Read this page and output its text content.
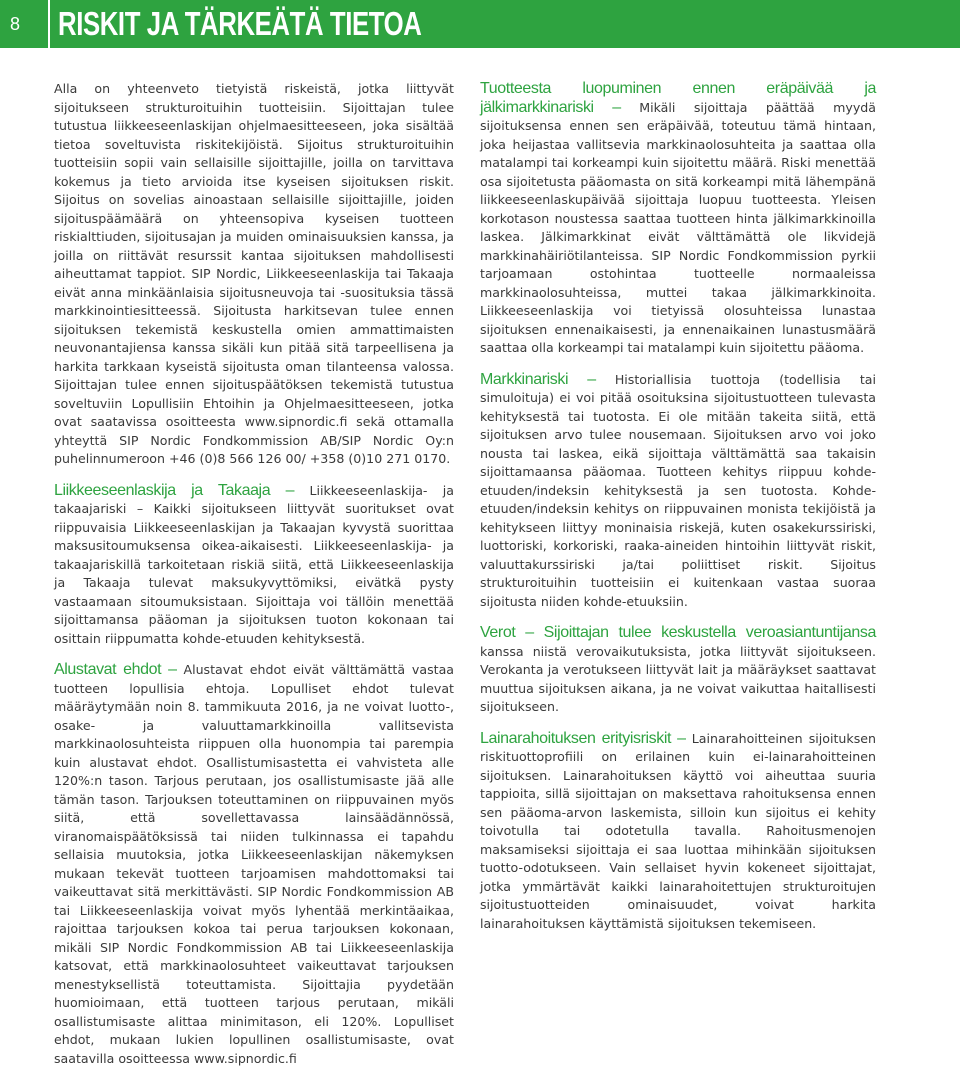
8	RISKIT JA TÄRKEÄTÄ TIETOA

Alla on yhteenveto tietyistä riskeistä, jotka liittyvät sijoitukseen strukturoituihin tuotteisiin. Sijoittajan tulee tutustua liikkeeseenlaskijan ohjelmaesitteeseen, joka sisältää tietoa soveltuvista riskitekijöistä. Sijoitus strukturoituihin tuotteisiin sopii vain sellaisille sijoittajille, joilla on tarvittava kokemus ja tieto arvioida itse kyseisen sijoituksen riskit. Sijoitus on sovelias ainoastaan sellaisille sijoittajille, joiden sijoituspäämäärä on yhteensopiva kyseisen tuotteen riskialttiuden, sijoitusajan ja muiden ominaisuuksien kanssa, ja joilla on riittävät resurssit kantaa sijoituksen mahdollisesti aiheuttamat tappiot. SIP Nordic, Liikkeeseenlaskija tai Takaaja eivät anna minkäänlaisia sijoitusneuvoja tai -suosituksia tässä markkinointiesitteessä. Sijoitusta harkitsevan tulee ennen sijoituksen tekemistä keskustella omien ammattimaisten neuvonantajiensa kanssa sikäli kun pitää sitä tarpeellisena ja harkita tarkkaan kyseistä sijoitusta oman tilanteensa valossa. Sijoittajan tulee ennen sijoituspäätöksen tekemistä tutustua soveltuviin Lopullisiin Ehtoihin ja Ohjelmaesitteeseen, jotka ovat saatavissa osoitteesta www.sipnordic.fi sekä ottamalla yhteyttä SIP Nordic Fondkommission AB/SIP Nordic Oy:n puhelinnumeroon +46 (0)8 566 126 00/ +358 (0)10 271 0170.

Liikkeeseenlaskija ja Takaaja – Liikkeeseenlaskija- ja takaajariski – Kaikki sijoitukseen liittyvät suoritukset ovat riippuvaisia Liikkeeseenlaskijan ja Takaajan kyvystä suorittaa maksusitoumuksensa oikea-aikaisesti. Liikkeeseenlaskija- ja takaajariskillä tarkoitetaan riskiä siitä, että Liikkeeseenlaskija ja Takaaja tulevat maksukyvyttömiksi, eivätkä pysty vastaamaan sitoumuksistaan. Sijoittaja voi tällöin menettää sijoittamansa pääoman ja sijoituksen tuoton kokonaan tai osittain riippumatta kohde-etuuden kehityksestä.
Alustavat ehdot – Alustavat ehdot eivät välttämättä vastaa tuotteen lopullisia ehtoja. Lopulliset ehdot tulevat määräytymään noin 8. tammikuuta 2016, ja ne voivat luotto-, osake- ja valuuttamarkkinoilla vallitsevista markkinaolosuhteista riippuen olla huonompia tai parempia kuin alustavat ehdot. Osallistumisastetta ei vahvisteta alle 120%:n tason. Tarjous perutaan, jos osallistumisaste jää alle tämän tason. Tarjouksen toteuttaminen on riippuvainen myös siitä, että sovellettavassa lainsäädännössä, viranomaispäätöksissä tai niiden tulkinnassa ei tapahdu sellaisia muutoksia, jotka Liikkeeseenlaskijan näkemyksen mukaan tekevät tuotteen tarjoamisen mahdottomaksi tai vaikeuttavat sitä merkittävästi. SIP Nordic Fondkommission AB tai Liikkeeseenlaskija voivat myös lyhentää merkintäaikaa, rajoittaa tarjouksen kokoa tai perua tarjouksen kokonaan, mikäli SIP Nordic Fondkommission AB tai Liikkeeseenlaskija katsovat, että markkinaolosuhteet vaikeuttavat tarjouksen menestyksellistä toteuttamista. Sijoittajia pyydetään huomioimaan, että tuotteen tarjous perutaan, mikäli osallistumisaste alittaa minimitason, eli 120%. Lopulliset ehdot, mukaan lukien lopullinen osallistumisaste, ovat saatavilla osoitteessa www.sipnordic.fi
Tuotteesta luopuminen ennen eräpäivää ja jälkimarkkinariski – Mikäli sijoittaja päättää myydä sijoituksensa ennen sen eräpäivää, toteutuu tämä hintaan, joka heijastaa vallitsevia markkinaolosuhteita ja saattaa olla matalampi tai korkeampi kuin sijoitettu määrä. Riski menettää osa sijoitetusta pääomasta on sitä korkeampi mitä lähempänä liikkeeseenlaskupäivää sijoittaja luopuu tuotteesta. Yleisen korkotason noustessa saattaa tuotteen hinta jälkimarkkinoilla laskea. Jälkimarkkinat eivät välttämättä ole likvidejä markkinahäiriötilanteissa. SIP Nordic Fondkommission pyrkii tarjoamaan ostohintaa tuotteelle normaaleissa markkinaolosuhteissa, muttei takaa jälkimarkkinoita. Liikkeeseenlaskija voi tietyissä olosuhteissa lunastaa sijoituksen ennenaikaisesti, ja ennenaikainen lunastusmäärä saattaa olla korkeampi tai matalampi kuin sijoitettu pääoma.
Markkinariski – Historiallisia tuottoja (todellisia tai simuloituja) ei voi pitää osoituksina sijoitustuotteen tulevasta kehityksestä tai tuotosta. Ei ole mitään takeita siitä, että sijoituksen arvo tulee nousemaan. Sijoituksen arvo voi joko nousta tai laskea, eikä sijoittaja välttämättä saa takaisin sijoittamaansa pääomaa. Tuotteen kehitys riippuu kohde-etuuden/indeksin kehityksestä ja sen tuotosta. Kohde-etuuden/indeksin kehitys on riippuvainen monista tekijöistä ja kehitykseen liittyy moninaisia riskejä, kuten osakekurssiriski, luottoriski, korkoriski, raaka-aineiden hintoihin liittyvät riskit, valuuttakurssiriski ja/tai poliittiset riskit. Sijoitus strukturoituihin tuotteisiin ei kuitenkaan vastaa suoraa sijoitusta niiden kohde-etuuksiin.
Verot – Sijoittajan tulee keskustella veroasiantuntijansa kanssa niistä verovaikutuksista, jotka liittyvät sijoitukseen. Verokanta ja verotukseen liittyvät lait ja määräykset saattavat muuttua sijoituksen aikana, ja ne voivat vaikuttaa haitallisesti sijoitukseen.
Lainarahoituksen erityisriskit – Lainarahoitteinen sijoituksen riskituottoprofiili on erilainen kuin ei-lainarahoitteinen sijoituksen. Lainarahoituksen käyttö voi aiheuttaa suuria tappioita, sillä sijoittajan on maksettava rahoituksensa ennen sen pääoma-arvon laskemista, silloin kun sijoitus ei kehity toivotulla tai odotetulla tavalla. Rahoitusmenojen maksamiseksi sijoittaja ei saa luottaa mihinkään sijoituksen tuotto-odotukseen. Vain sellaiset hyvin kokeneet sijoittajat, jotka ymmärtävät kaikki lainarahoitettujen strukturoitujen sijoitustuotteiden ominaisuudet, voivat harkita lainarahoituksen käyttämistä sijoituksen tekemiseen.
